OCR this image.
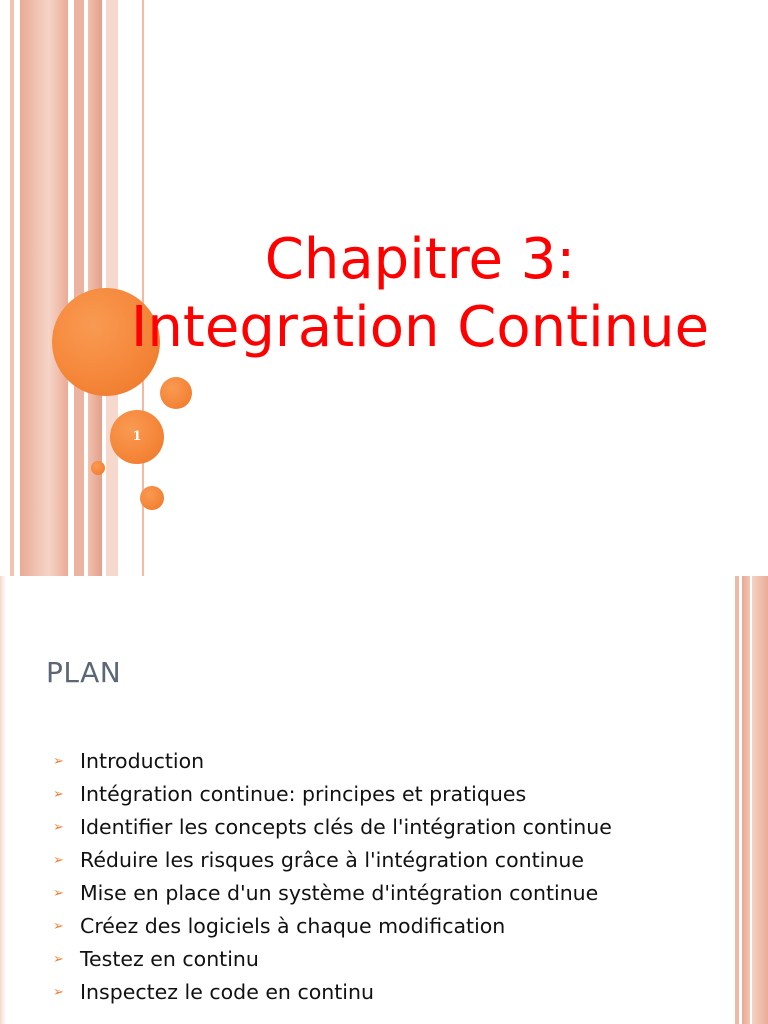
Chapitre 3:
Integration Continue
1
PLAN
➢ Introduction
➢ Intégration continue: principes et pratiques
➢ Identifier les concepts clés de l'intégration continue
➢ Réduire les risques grâce à l'intégration continue
➢ Mise en place d'un système d'intégration continue
➢ Créez des logiciels à chaque modification
➢ Testez en continu
➢ Inspectez le code en continu
